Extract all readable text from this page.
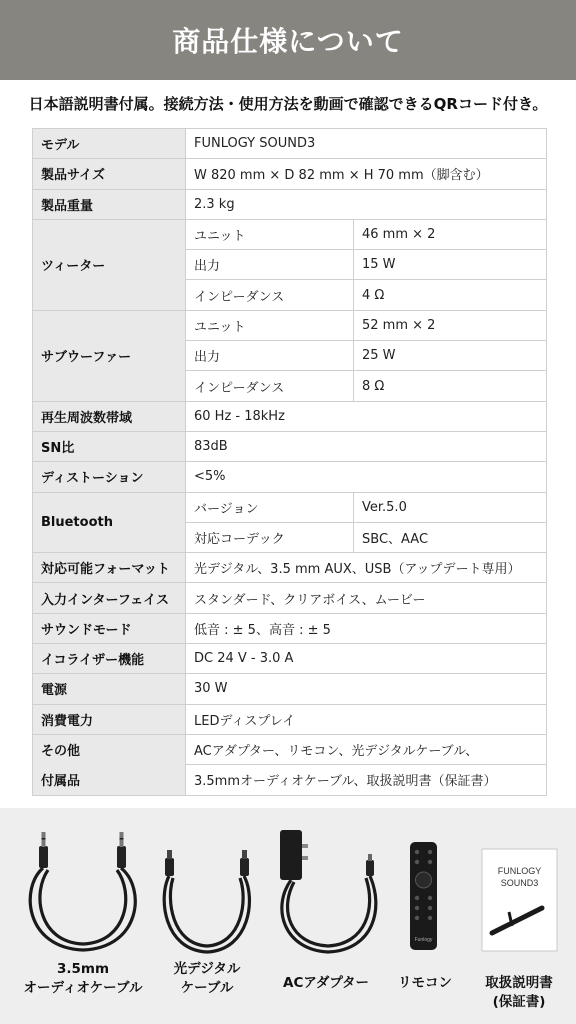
商品仕様について
日本語説明書付属。接続方法・使用方法を動画で確認できるQRコード付き。
モデル	FUNLOGY SOUND3	
製品サイズ	W 820 mm × D 82 mm × H 70 mm（脚含む）	
製品重量	2.3 kg	
ツィーター	ユニット	46 mm × 2
	出力	15 W
	インピーダンス	4 Ω
サブウーファー	ユニット	52 mm × 2
	出力	25 W
	インピーダンス	8 Ω
再生周波数帯域	60 Hz - 18kHz	
SN比	83dB	
ディストーション	<5%	
Bluetooth	バージョン	Ver.5.0
	対応コーデック	SBC、AAC
対応可能フォーマット	光デジタル、3.5 mm AUX、USB（アップデート専用）	
入力インターフェイス	スタンダード、クリアボイス、ムービー	
サウンドモード	低音 : ± 5、高音 : ± 5	
イコライザー機能	DC 24 V - 3.0 A	
電源	30 W	
消費電力	LEDディスプレイ	
その他	ACアダプター、リモコン、光デジタルケーブル、	
付属品	3.5mmオーディオケーブル、取扱説明書（保証書）	
3.5mm
オーディオケーブル
光デジタル
ケーブル	ACアダプター
Funlogy
リモコン
FUNLOGY
SOUND3
取扱説明書
(保証書)
